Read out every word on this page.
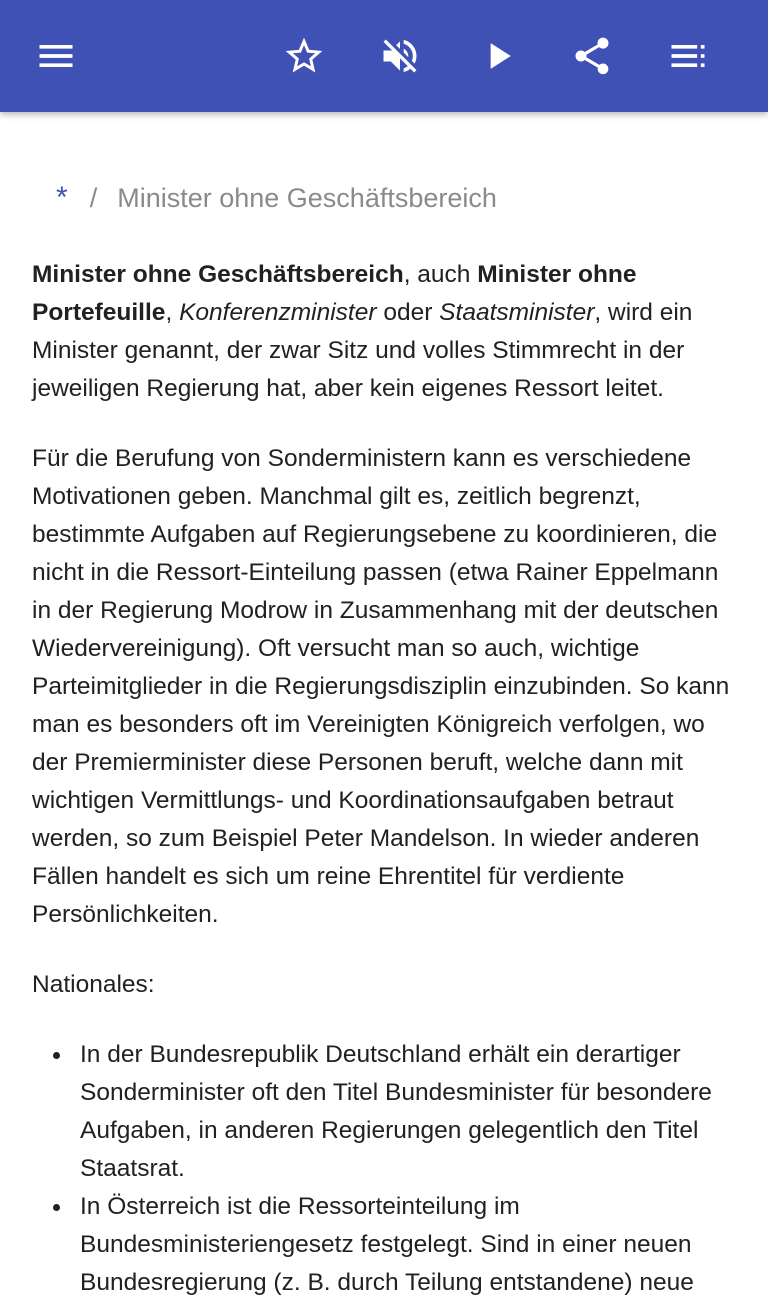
* / Minister ohne Geschäftsbereich

Minister ohne Geschäftsbereich, auch Minister ohne Portefeuille, Konferenzminister oder Staatsminister, wird ein Minister genannt, der zwar Sitz und volles Stimmrecht in der jeweiligen Regierung hat, aber kein eigenes Ressort leitet.

Für die Berufung von Sonderministern kann es verschiedene Motivationen geben. Manchmal gilt es, zeitlich begrenzt, bestimmte Aufgaben auf Regierungsebene zu koordinieren, die nicht in die Ressort-Einteilung passen (etwa Rainer Eppelmann in der Regierung Modrow in Zusammenhang mit der deutschen Wiedervereinigung). Oft versucht man so auch, wichtige Parteimitglieder in die Regierungsdisziplin einzubinden. So kann man es besonders oft im Vereinigten Königreich verfolgen, wo der Premierminister diese Personen beruft, welche dann mit wichtigen Vermittlungs- und Koordinationsaufgaben betraut werden, so zum Beispiel Peter Mandelson. In wieder anderen Fällen handelt es sich um reine Ehrentitel für verdiente Persönlichkeiten.

Nationales:

In der Bundesrepublik Deutschland erhält ein derartiger Sonderminister oft den Titel Bundesminister für besondere Aufgaben, in anderen Regierungen gelegentlich den Titel Staatsrat.
In Österreich ist die Ressorteinteilung im Bundesministeriengesetz festgelegt. Sind in einer neuen Bundesregierung (z. B. durch Teilung entstandene) neue
